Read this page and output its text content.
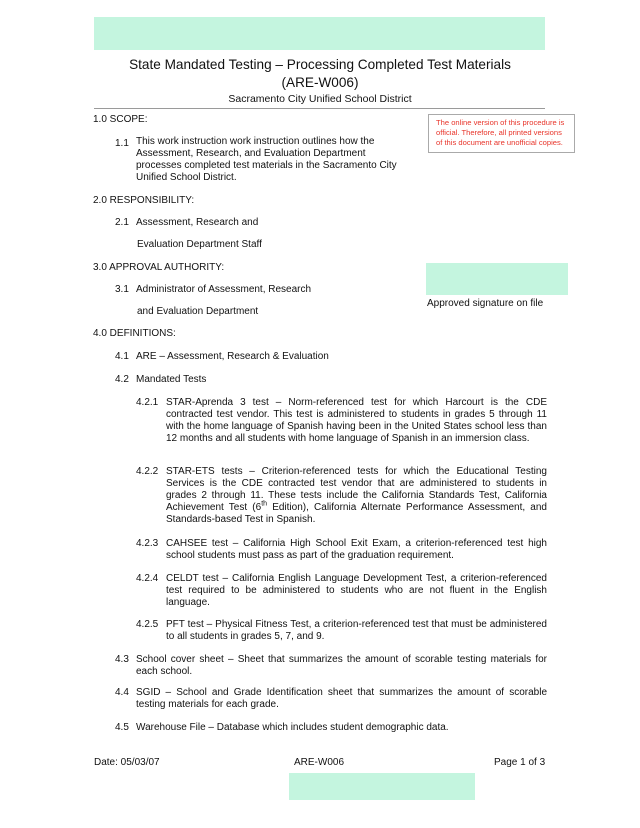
State Mandated Testing – Processing Completed Test Materials
(ARE-W006)
Sacramento City Unified School District
The online version of this procedure is official. Therefore, all printed versions of this document are unofficial copies.
1.0 SCOPE:
1.1 This work instruction work instruction outlines how the Assessment, Research, and Evaluation Department processes completed test materials in the Sacramento City Unified School District.
2.0 RESPONSIBILITY:
2.1 Assessment, Research and
Evaluation Department Staff
3.0 APPROVAL AUTHORITY:
3.1 Administrator of Assessment, Research
Approved signature on file
and Evaluation Department
4.0 DEFINITIONS:
4.1 ARE – Assessment, Research & Evaluation
4.2 Mandated Tests
4.2.1 STAR-Aprenda 3 test – Norm-referenced test for which Harcourt is the CDE contracted test vendor. This test is administered to students in grades 5 through 11 with the home language of Spanish having been in the United States school less than 12 months and all students with home language of Spanish in an immersion class.
4.2.2 STAR-ETS tests – Criterion-referenced tests for which the Educational Testing Services is the CDE contracted test vendor that are administered to students in grades 2 through 11. These tests include the California Standards Test, California Achievement Test (6th Edition), California Alternate Performance Assessment, and Standards-based Test in Spanish.
4.2.3 CAHSEE test – California High School Exit Exam, a criterion-referenced test high school students must pass as part of the graduation requirement.
4.2.4 CELDT test – California English Language Development Test, a criterion-referenced test required to be administered to students who are not fluent in the English language.
4.2.5 PFT test – Physical Fitness Test, a criterion-referenced test that must be administered to all students in grades 5, 7, and 9.
4.3 School cover sheet – Sheet that summarizes the amount of scorable testing materials for each school.
4.4 SGID – School and Grade Identification sheet that summarizes the amount of scorable testing materials for each grade.
4.5 Warehouse File – Database which includes student demographic data.
Date: 05/03/07	ARE-W006	Page 1 of 3
